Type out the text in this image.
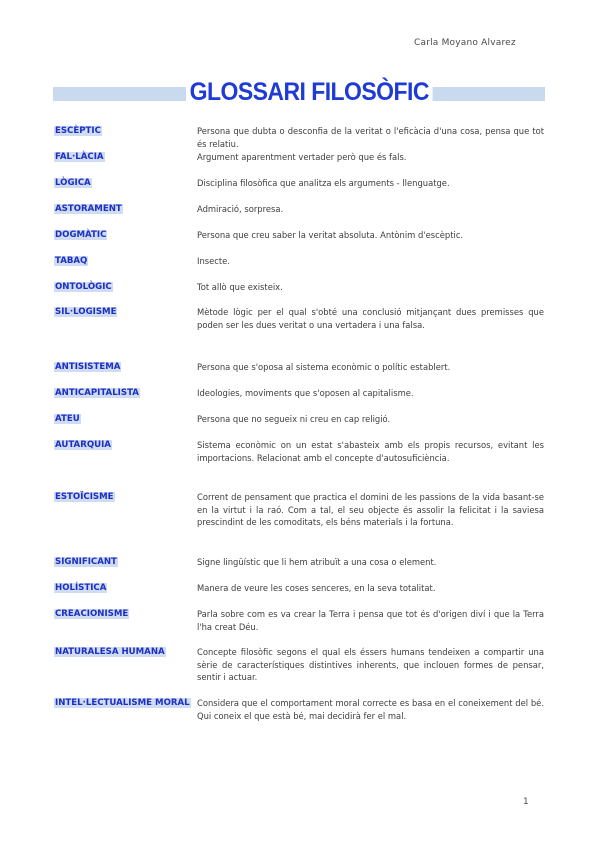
Carla Moyano Alvarez
GLOSSARI FILOSÒFIC
ESCÈPTIC	Persona que dubta o desconfia de la veritat o l'eficàcia d'una cosa, pensa que tot és relatiu.
FAL·LÀCIA	Argument aparentment vertader però que és fals.
LÒGICA	Disciplina filosòfica que analitza els arguments - llenguatge.
ASTORAMENT	Admiració, sorpresa.
DOGMÀTIC	Persona que creu saber la veritat absoluta. Antònim d'escèptic.
TABAQ	Insecte.
ONTOLÒGIC	Tot allò que existeix.
SIL·LOGISME	Mètode lògic per el qual s'obté una conclusió mitjançant dues premisses que poden ser les dues veritat o una vertadera i una falsa.
ANTISISTEMA	Persona que s'oposa al sistema econòmic o polític establert.
ANTICAPITALISTA	Ideologies, moviments que s'oposen al capitalisme.
ATEU	Persona que no segueix ni creu en cap religió.
AUTARQUIA	Sistema econòmic on un estat s'abasteix amb els propis recursos, evitant les importacions. Relacionat amb el concepte d'autosuficiència.
ESTOÏCISME	Corrent de pensament que practica el domini de les passions de la vida basant-se en la virtut i la raó. Com a tal, el seu objecte és assolir la felicitat i la saviesa prescindint de les comoditats, els béns materials i la fortuna.
SIGNIFICANT	Signe lingüístic que li hem atribuït a una cosa o element.
HOLÍSTICA	Manera de veure les coses senceres, en la seva totalitat.
CREACIONISME	Parla sobre com es va crear la Terra i pensa que tot és d'origen diví i que la Terra l'ha creat Déu.
NATURALESA HUMANA	Concepte filosòfic segons el qual els éssers humans tendeixen a compartir una sèrie de característiques distintives inherents, que inclouen formes de pensar, sentir i actuar.
INTEL·LECTUALISME MORAL Considera que el comportament moral correcte es basa en el coneixement del bé. Qui coneix el que està bé, mai decidirà fer el mal.
1
